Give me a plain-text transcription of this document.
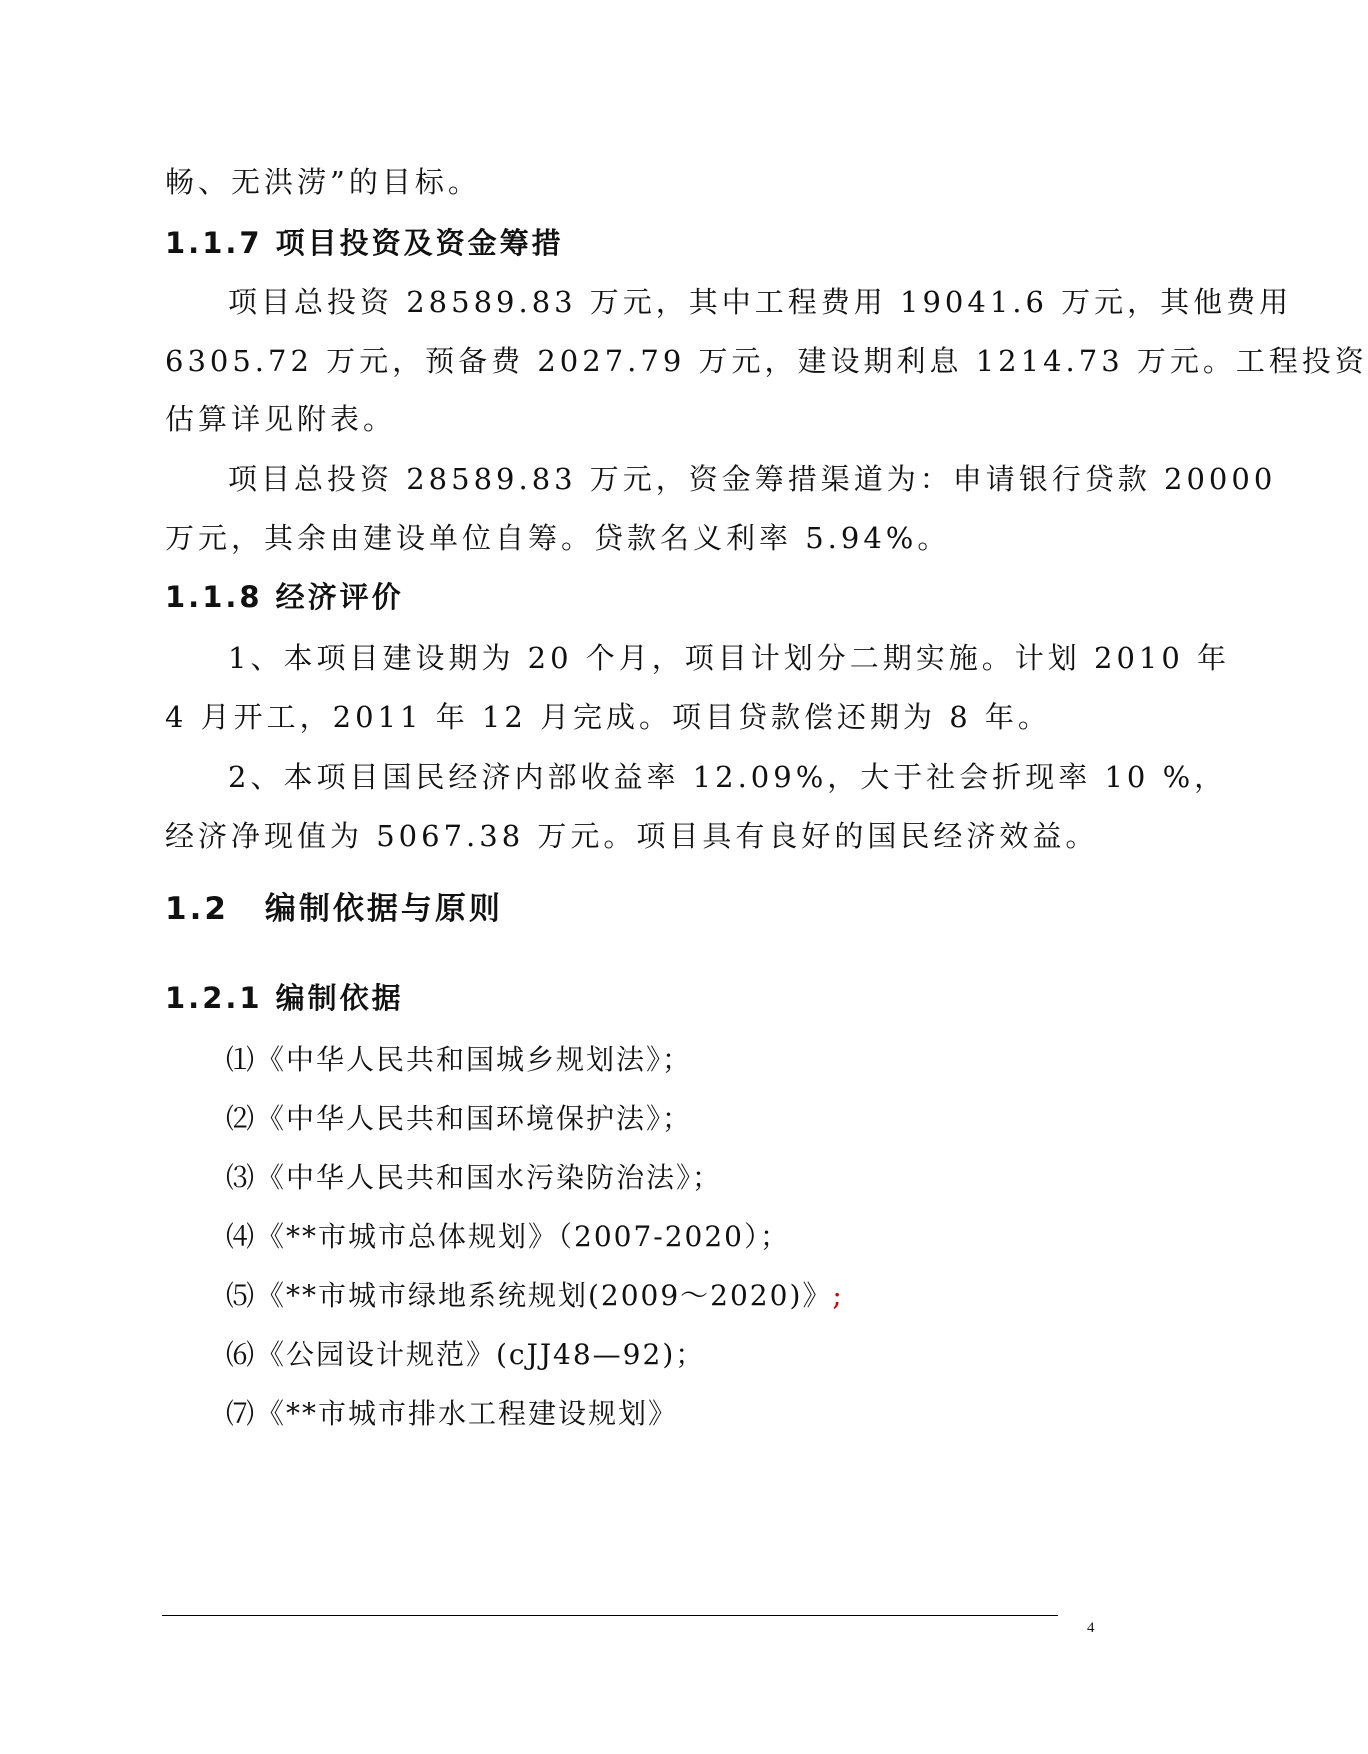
畅、无洪涝”的目标。
1.1.7 项目投资及资金筹措
项目总投资 28589.83 万元，其中工程费用 19041.6 万元，其他费用
6305.72 万元，预备费 2027.79 万元，建设期利息 1214.73 万元。工程投资
估算详见附表。
项目总投资 28589.83 万元，资金筹措渠道为：申请银行贷款 20000
万元，其余由建设单位自筹。贷款名义利率 5.94%。
1.1.8 经济评价
1、本项目建设期为 20 个月，项目计划分二期实施。计划 2010 年
4 月开工，2011 年 12 月完成。项目贷款偿还期为 8 年。
2、本项目国民经济内部收益率 12.09%，大于社会折现率 10 %，
经济净现值为 5067.38 万元。项目具有良好的国民经济效益。
1.2 编制依据与原则
1.2.1 编制依据
⑴《中华人民共和国城乡规划法》；
⑵《中华人民共和国环境保护法》；
⑶《中华人民共和国水污染防治法》；
⑷《**市城市总体规划》（2007-2020）；
⑸《**市城市绿地系统规划(2009～2020)》;
⑹《公园设计规范》(cJJ48—92)；
⑺《**市城市排水工程建设规划》
4
